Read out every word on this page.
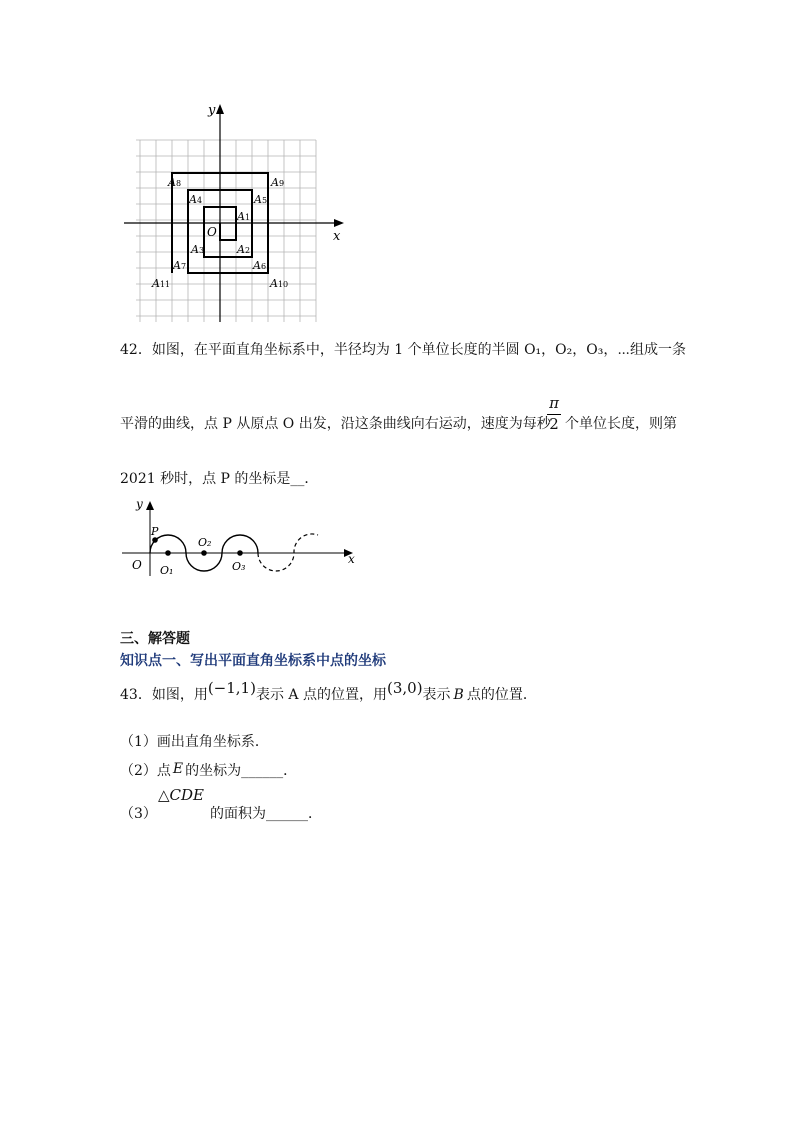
x
y
O
A8	A9
A4	A5
A1
A3	A2
A7	A6
A11	A10
42．如图，在平面直角坐标系中，半径均为 1 个单位长度的半圆 O₁，O₂，O₃，⋯组成一条
π
2
平滑的曲线，点 P 从原点 O 出发，沿这条曲线向右运动，速度为每秒 个单位长度，则第
2021 秒时，点 P 的坐标是__．
x
y
O
P
O₁
O₂
O₃
三、解答题
知识点一、写出平面直角坐标系中点的坐标
43．如图，用(−1,1)表示 A 点的位置，用(3,0)表示 B 点的位置．
（1）画出直角坐标系．
（2）点 E 的坐标为______．
（3）
△CDE
的面积为______．
